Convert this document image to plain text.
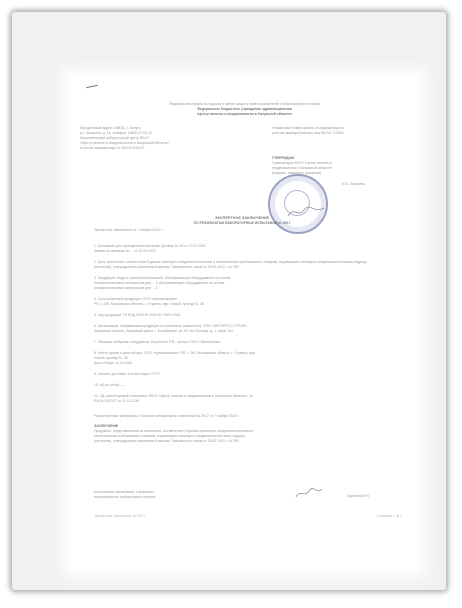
Федеральная служба по надзору в сфере защиты прав потребителей и благополучия человека
Федеральное бюджетное учреждение здравоохранения
«Центр гигиены и эпидемиологии в Калужской области»
Юридический адрес: 248010, г. Калуга,
ул. Чичерина, д. 1а, телефон: (4842) 57-04-70
Испытательный лабораторный центр ФБУЗ
«Центр гигиены и эпидемиологии в Калужской области»
Аттестат аккредитации № RA.RU.510127
Уникальный номер записи об аккредитации в
реестре аккредитованных лиц RA.RU.710040
УТВЕРЖДАЮ
Главный врач ФБУЗ «Центр гигиены и
эпидемиологии в Калужской области»
(подпись, инициалы, фамилия)
И.Ф. Засухина
ЭКСПЕРТНОЕ ЗАКЛЮЧЕНИЕ
ПО РЕЗУЛЬТАТАМ ЛАБОРАТОРНЫХ ИСПЫТАНИЙ № 3917
Экспертное заключение от 7 ноября 2024 г.
1. Основание для проведения испытаний: Договор № 98 от 17.01.2024
Заявка на оказание № ... от 10.09.2024
2. Цель испытаний: соответствие Единым санитарно-эпидемиологическим и гигиеническим требованиям к товарам, подлежащим санитарно-эпидемиологическому надзору
(контролю), утвержденным решением Комиссии Таможенного союза от 28.05.2010 г. № 299
3. Продукция: Модуль транспортировочный, обслуживающее оборудование на основе
полипропиленовых материалов для ... 1 обслуживающее оборудование на основе
полипропиленовых материалов для ... 2
4. Срок испытаний продукции: ООО «Кузниязыкова»
РФ, г. 249, Московская область, г. Ступино, мкр. Новый, проезд 91, 38
5. Код продукции: ТН ВЭД 3925 90 2000 00 / 9403 2024
6. Организация, направившая продукцию на испытания (заявитель): ООО «ЭКСПРЕСС СТРОЙ»
Калужская область, Боровский район, г. Балабаново, ул. 50 лет Октября, д. 1, офис 104
7. Образцы отобраны сотрудником: Борисенко Е.В., эксперт ООО «Экспертиза»
8. Место, время и дата отбора: ООО «Кузниязыкова», РФ, г. 249, Московская область, г. Ступино, мкр.
Новый, проезд 91, 38
Дата отбора: 01.10.2024
9. Условия доставки: соответствуют ГОСТ
10. НД на отбор: —
11. НД, используемый испытания: ФБУЗ «Центр гигиены и эпидемиологии в Калужской области», №
RA.RU.510127 от 21.12.2016
Рассмотренные материалы: Протокол лабораторных испытаний № 3917 от 7 ноября 2024 г.
ЗАКЛЮЧЕНИЕ
Продукция, представленная на испытания, соответствует Единым санитарно-эпидемиологическим и
гигиеническим требованиям к товарам, подлежащим санитарно-эпидемиологическому надзору
(контролю), утвержденным решением Комиссии Таможенного союза от 28.05.2010 г. № 299
Исполнитель заключения: специалист
испытательного лабораторного центра	Хаустова М.Н.
Экспертное заключение № 3917	Страница 1 из 1
